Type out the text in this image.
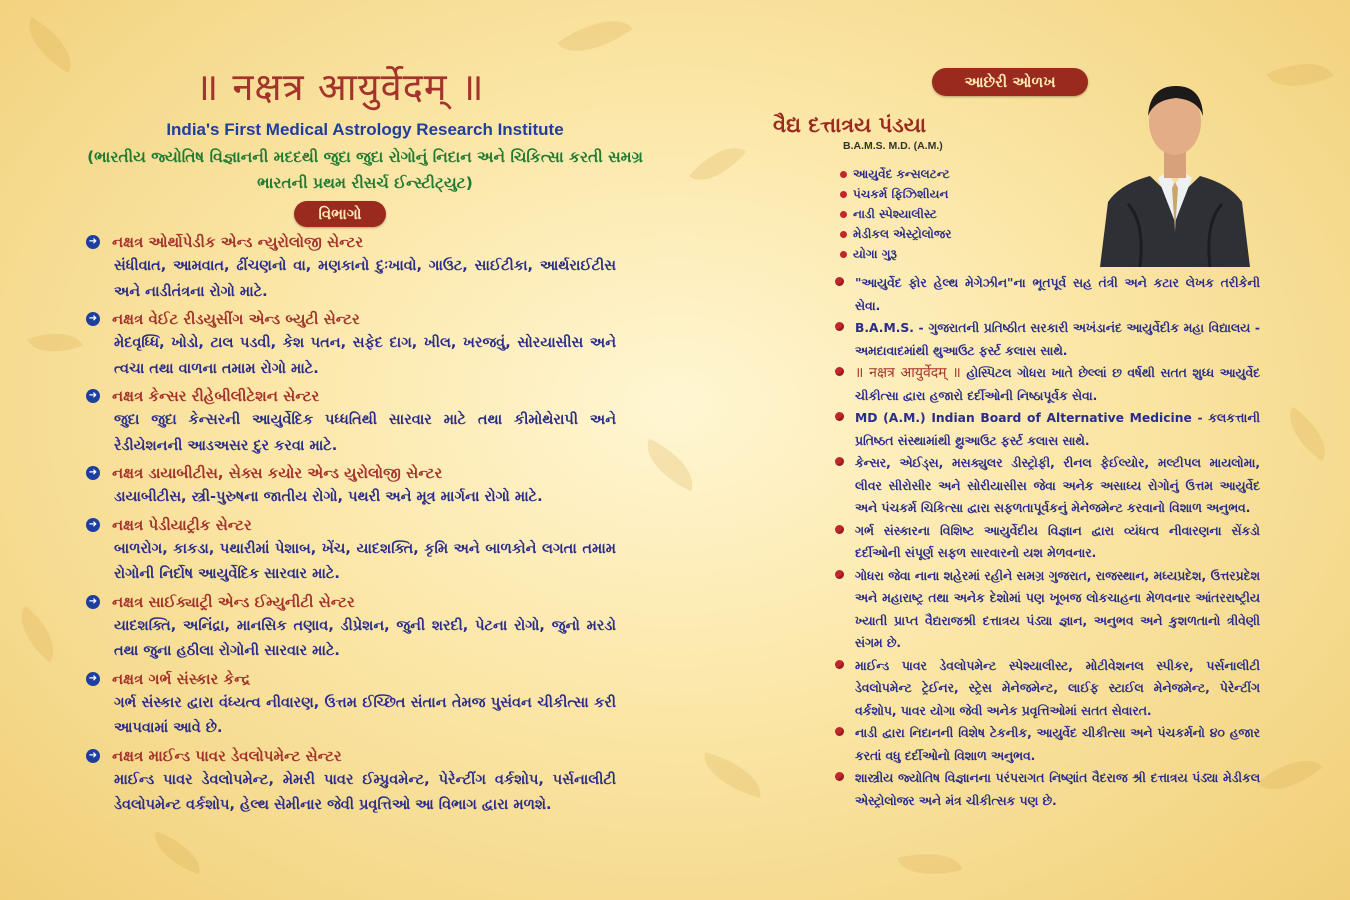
॥ नक्षत्र आयुर्वेदम् ॥
India's First Medical Astrology Research Institute
(ભારતીય જ્યોતિષ વિજ્ઞાનની મદદથી જુદા જુદા રોગોનું નિદાન અને ચિકિત્સા કરતી સમગ્ર ભારતની પ્રથમ રીસર્ચ ઈન્સ્ટીટ્યુટ)
વિભાગો
➜ નક્ષત્ર ઓર્થોપેડીક એન્ડ ન્યુરોલોજી સેન્ટર
સંધીવાત, આમવાત, ઢીંચણનો વા, મણકાનો દુઃખાવો, ગાઉટ, સાઈટીકા, આર્થરાઈટીસ અને નાડીતંત્રના રોગો માટે.
➜ નક્ષત્ર વેઈટ રીડયુસીંગ એન્ડ બ્યુટી સેન્ટર
મેદવૃધ્ધિ, ખોડો, ટાલ પડવી, કેશ પતન, સફેદ દાગ, ખીલ, ખરજવું, સોરયાસીસ અને ત્વચા તથા વાળના તમામ રોગો માટે.
➜ નક્ષત્ર કેન્સર રીહેબીલીટેશન સેન્ટર
જુદા જુદા કેન્સરની આયુર્વેદિક પધ્ધતિથી સારવાર માટે તથા કીમોથેરાપી અને રેડીયેશનની આડઅસર દુર કરવા માટે.
➜ નક્ષત્ર ડાયાબીટીસ, સેક્સ કયોર એન્ડ યુરોલોજી સેન્ટર
ડાયાબીટીસ, સ્ત્રી-પુરુષના જાતીય રોગો, પથરી અને મૂત્ર માર્ગના રોગો માટે.
➜ નક્ષત્ર પેડીયાટ્રીક સેન્ટર
બાળરોગ, કાકડા, પથારીમાં પેશાબ, ખેંચ, યાદશક્તિ, કૃમિ અને બાળકોને લગતા તમામ રોગોની નિર્દોષ આયુર્વેદિક સારવાર માટે.
➜ નક્ષત્ર સાઈક્યાટ્રી એન્ડ ઈમ્યુનીટી સેન્ટર
યાદશક્તિ, અનિંદ્રા, માનસિક તણાવ, ડીપ્રેશન, જુની શરદી, પેટના રોગો, જુનો મરડો તથા જુના હઠીલા રોગોની સારવાર માટે.
➜ નક્ષત્ર ગર્ભ સંસ્કાર કેન્દ્ર
ગર્ભ સંસ્કાર દ્વારા વંધ્યત્વ નીવારણ, ઉત્તમ ઈચ્છિત સંતાન તેમજ પુસંવન ચીકીત્સા કરી આપવામાં આવે છે.
➜ નક્ષત્ર માઈન્ડ પાવર ડેવલોપમેન્ટ સેન્ટર
માઈન્ડ પાવર ડેવલોપમેન્ટ, મેમરી પાવર ઈમ્પ્રુવમેન્ટ, પેરેન્ટીંગ વર્કશોપ, પર્સનાલીટી ડેવલોપમેન્ટ વર્કશોપ, હેલ્થ સેમીનાર જેવી પ્રવૃત્તિઓ આ વિભાગ દ્વારા મળશે.
આછેરી ઓળખ
વૈદ્ય દત્તાત્રય પંડયા
B.A.M.S. M.D. (A.M.)
આયુર્વેદ કન્સલટન્ટ
પંચકર્મ ફિઝિશીયન
નાડી સ્પેશ્યાલીસ્ટ
મેડીકલ એસ્ટ્રોલોજર
યોગા ગુરૂ
"આયુર્વેદ ફોર હેલ્થ મેગેઝીન"ના ભૂતપૂર્વ સહ તંત્રી અને કટાર લેખક તરીકેની સેવા.
B.A.M.S. - ગુજરાતની પ્રતિષ્ઠીત સરકારી અખંડાનંદ આયુર્વેદીક મહા વિદ્યાલય - અમદાવાદમાંથી થુઆઉટ ફર્સ્ટ કલાસ સાથે.
॥ नक्षत्र आयुर्वेदम् ॥ હોસ્પિટલ ગોધરા ખાતે છેલ્લાં છ વર્ષથી સતત શુધ્ધ આયુર્વેદ ચીકીત્સા દ્વારા હજારો દર્દીઓની નિષ્ઠાપૂર્વક સેવા.
MD (A.M.) Indian Board of Alternative Medicine - કલકત્તાની પ્રતિષ્ઠત સંસ્થામાંથી થ્રુઆઉટ ફર્સ્ટ કલાસ સાથે.
કેન્સર, એઈડ્સ, મસક્યુલર ડીસ્ટ્રોફી, રીનલ ફેઈલ્યોર, મલ્ટીપલ માયલોમા, લીવર સીરોસીર અને સોરીયાસીસ જેવા અનેક અસાધ્ય રોગોનું ઉત્તમ આયુર્વેદ અને પંચકર્મ ચિકિત્સા દ્વારા સફળતાપૂર્વકનું મેનેજમેન્ટ કરવાનો વિશાળ અનુભવ.
ગર્ભ સંસ્કારના વિશિષ્ટ આયુર્વેદીય વિજ્ઞાન દ્વારા વ્યંધત્વ નીવારણના સેંકડો દર્દીઓની સંપૂર્ણ સફળ સારવારનો યશ મેળવનાર.
ગોધરા જેવા નાના શહેરમાં રહીને સમગ્ર ગુજરાત, રાજસ્થાન, મધ્યપ્રદેશ, ઉત્તરપ્રદેશ અને મહારાષ્ટ્ર તથા અનેક દેશોમાં પણ ખૂબજ લોકચાહના મેળવનાર આંતરરાષ્ટ્રીય ખ્યાતી પ્રાપ્ત વૈદ્યરાજશ્રી દત્તાત્રય પંડ્યા જ્ઞાન, અનુભવ અને કુશળતાનો ત્રીવેણી સંગમ છે.
માઈન્ડ પાવર ડેવલોપમેન્ટ સ્પેશ્યાલીસ્ટ, મોટીવેશનલ સ્પીકર, પર્સનાલીટી ડેવલોપમેન્ટ ટ્રેઈનર, સ્ટ્રેસ મેનેજમેન્ટ, લાઈફ સ્ટાઈલ મેનેજમેન્ટ, પેરેન્ટીંગ વર્કશોપ, પાવર યોગા જેવી અનેક પ્રવૃત્તિઓમાં સતત સેવારત.
નાડી દ્વારા નિદાનની વિશેષ ટેકનીક, આયુર્વેદ ચીકીત્સા અને પંચકર્મનો ૪૦ હજાર કરતાં વધુ દર્દીઓનો વિશાળ અનુભવ.
શાસ્ત્રીય જ્યોતિષ વિજ્ઞાનના પરંપરાગત નિષ્ણાંત વૈદરાજ શ્રી દત્તાત્રય પંડ્યા મેડીકલ એસ્ટ્રોલોજર અને મંત્ર ચીકીત્સક પણ છે.
